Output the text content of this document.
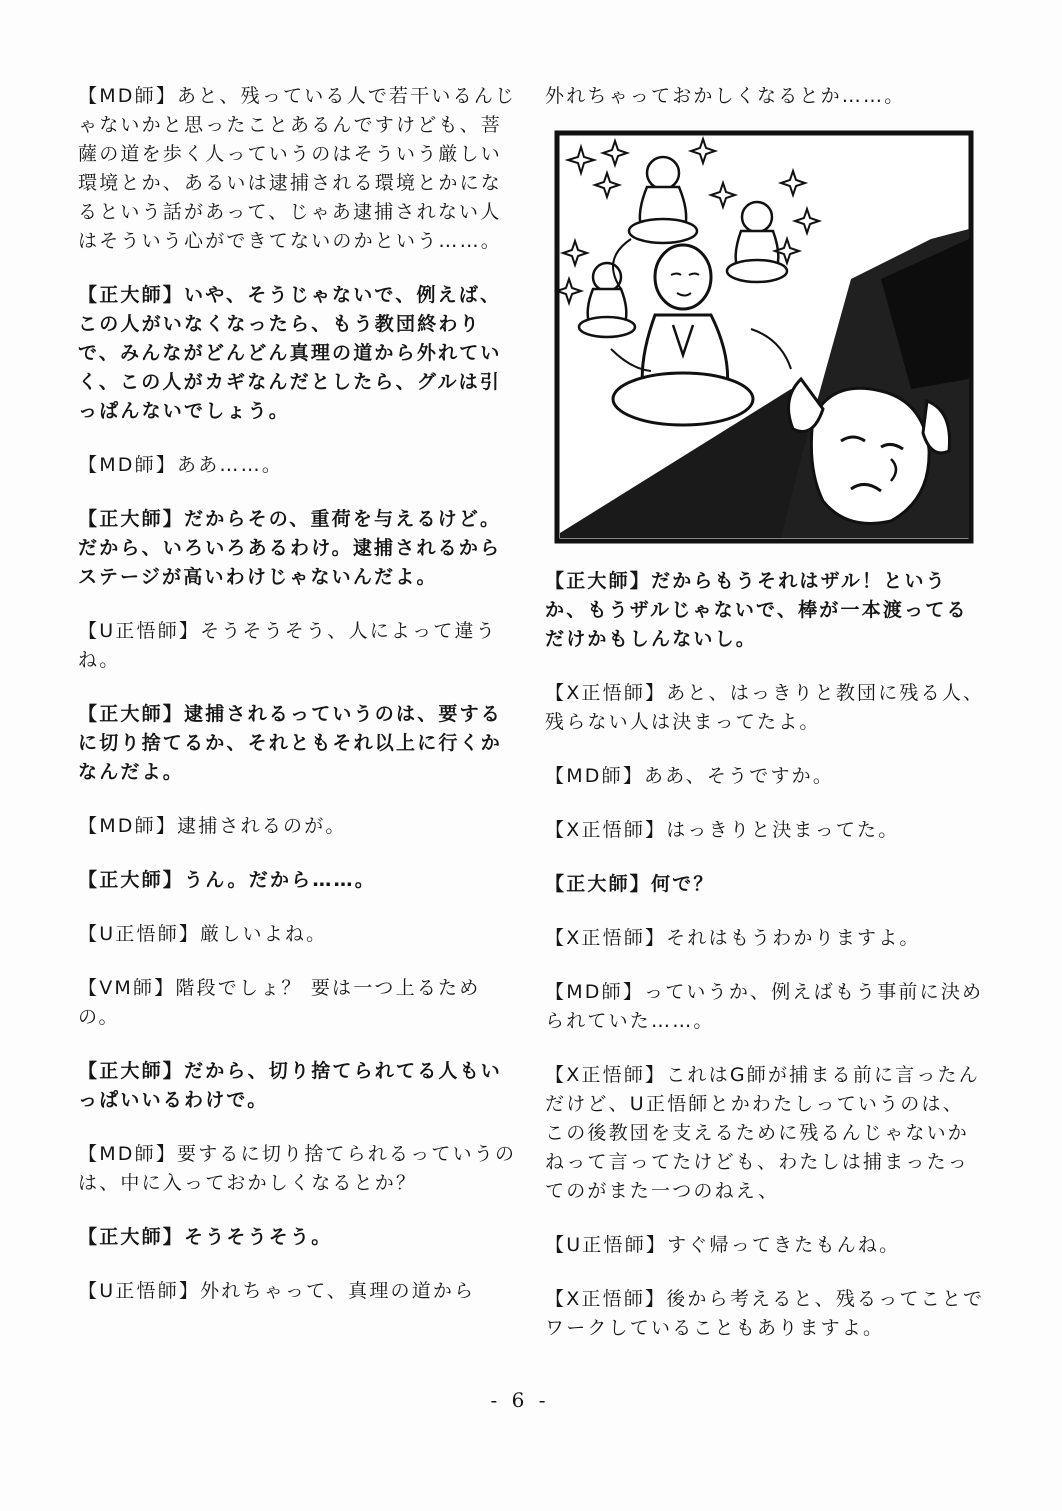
【MD師】あと、残っている人で若干いるんじゃないかと思ったことあるんですけども、菩薩の道を歩く人っていうのはそういう厳しい環境とか、あるいは逮捕される環境とかになるという話があって、じゃあ逮捕されない人はそういう心ができてないのかという……。

【正大師】いや、そうじゃないで、例えば、この人がいなくなったら、もう教団終わりで、みんながどんどん真理の道から外れていく、この人がカギなんだとしたら、グルは引っぱんないでしょう。

【MD師】ああ……。

【正大師】だからその、重荷を与えるけど。だから、いろいろあるわけ。逮捕されるからステージが高いわけじゃないんだよ。

【U正悟師】そうそうそう、人によって違うね。

【正大師】逮捕されるっていうのは、要するに切り捨てるか、それともそれ以上に行くかなんだよ。

【MD師】逮捕されるのが。

【正大師】うん。だから……。

【U正悟師】厳しいよね。

【VM師】階段でしょ？ 要は一つ上るための。

【正大師】だから、切り捨てられてる人もいっぱいいるわけで。

【MD師】要するに切り捨てられるっていうのは、中に入っておかしくなるとか？

【正大師】そうそうそう。

【U正悟師】外れちゃって、真理の道から

外れちゃっておかしくなるとか……。

【正大師】だからもうそれはザル！というか、もうザルじゃないで、棒が一本渡ってるだけかもしんないし。

【X正悟師】あと、はっきりと教団に残る人、残らない人は決まってたよ。

【MD師】ああ、そうですか。

【X正悟師】はっきりと決まってた。

【正大師】何で？

【X正悟師】それはもうわかりますよ。

【MD師】っていうか、例えばもう事前に決められていた……。

【X正悟師】これはG師が捕まる前に言ったんだけど、U正悟師とかわたしっていうのは、この後教団を支えるために残るんじゃないかねって言ってたけども、わたしは捕まったってのがまた一つのねえ、

【U正悟師】すぐ帰ってきたもんね。

【X正悟師】後から考えると、残るってことでワークしていることもありますよ。

- 6 -
